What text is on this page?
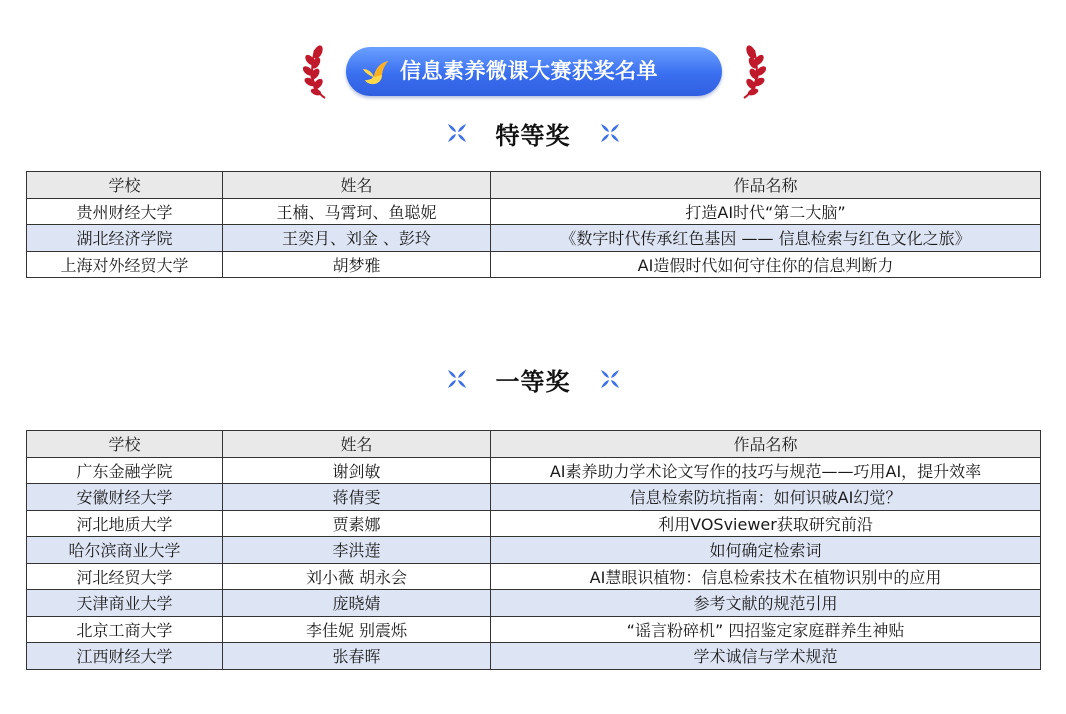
信息素养微课大赛获奖名单
特等奖
学校	姓名	作品名称
贵州财经大学	王楠、马霄珂、鱼聪妮	打造AI时代“第二大脑”
湖北经济学院	王奕月、刘金 、彭玲	《数字时代传承红色基因 —— 信息检索与红色文化之旅》
上海对外经贸大学	胡梦雅	AI造假时代如何守住你的信息判断力
一等奖
学校	姓名	作品名称
广东金融学院	谢剑敏	AI素养助力学术论文写作的技巧与规范——巧用AI，提升效率
安徽财经大学	蒋倩雯	信息检索防坑指南：如何识破AI幻觉？
河北地质大学	贾素娜	利用VOSviewer获取研究前沿
哈尔滨商业大学	李洪莲	如何确定检索词
河北经贸大学	刘小薇 胡永会	AI慧眼识植物：信息检索技术在植物识别中的应用
天津商业大学	庞晓婧	参考文献的规范引用
北京工商大学	李佳妮 别震烁	“谣言粉碎机” 四招鉴定家庭群养生神贴
江西财经大学	张春晖	学术诚信与学术规范
